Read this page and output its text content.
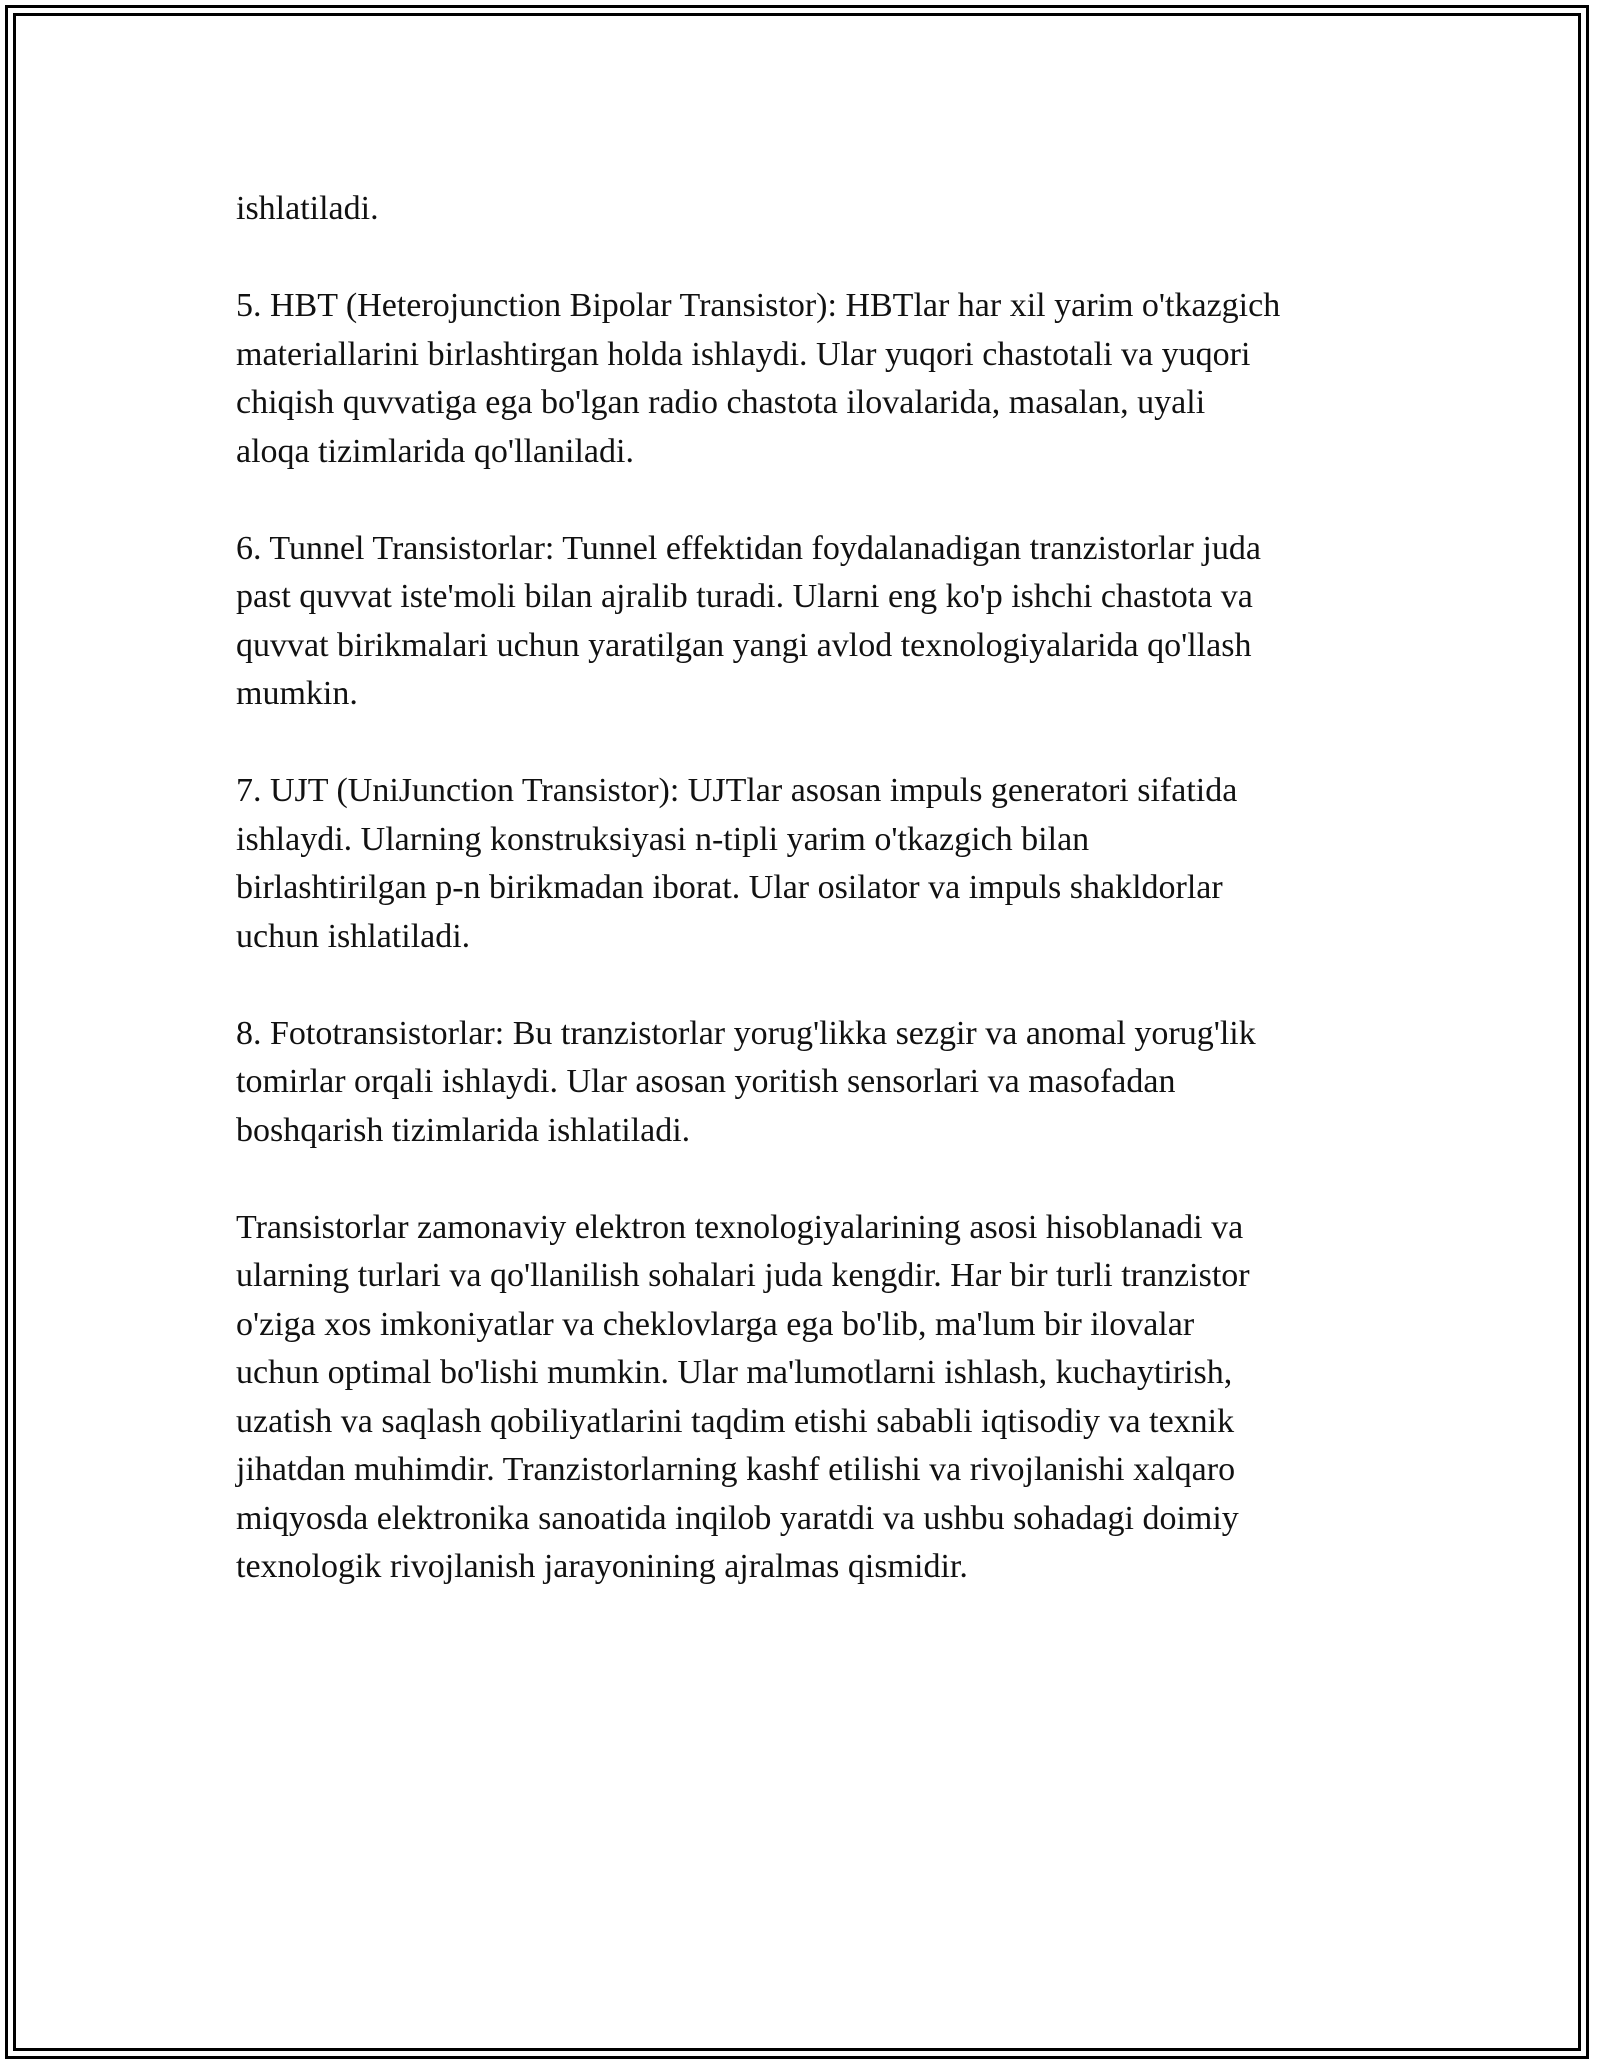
ishlatiladi.

5. HBT (Heterojunction Bipolar Transistor): HBTlar har xil yarim o'tkazgich
materiallarini birlashtirgan holda ishlaydi. Ular yuqori chastotali va yuqori
chiqish quvvatiga ega bo'lgan radio chastota ilovalarida, masalan, uyali
aloqa tizimlarida qo'llaniladi.

6. Tunnel Transistorlar: Tunnel effektidan foydalanadigan tranzistorlar juda
past quvvat iste'moli bilan ajralib turadi. Ularni eng ko'p ishchi chastota va
quvvat birikmalari uchun yaratilgan yangi avlod texnologiyalarida qo'llash
mumkin.

7. UJT (UniJunction Transistor): UJTlar asosan impuls generatori sifatida
ishlaydi. Ularning konstruksiyasi n-tipli yarim o'tkazgich bilan
birlashtirilgan p-n birikmadan iborat. Ular osilator va impuls shakldorlar
uchun ishlatiladi.

8. Fototransistorlar: Bu tranzistorlar yorug'likka sezgir va anomal yorug'lik
tomirlar orqali ishlaydi. Ular asosan yoritish sensorlari va masofadan
boshqarish tizimlarida ishlatiladi.

Transistorlar zamonaviy elektron texnologiyalarining asosi hisoblanadi va
ularning turlari va qo'llanilish sohalari juda kengdir. Har bir turli tranzistor
o'ziga xos imkoniyatlar va cheklovlarga ega bo'lib, ma'lum bir ilovalar
uchun optimal bo'lishi mumkin. Ular ma'lumotlarni ishlash, kuchaytirish,
uzatish va saqlash qobiliyatlarini taqdim etishi sababli iqtisodiy va texnik
jihatdan muhimdir. Tranzistorlarning kashf etilishi va rivojlanishi xalqaro
miqyosda elektronika sanoatida inqilob yaratdi va ushbu sohadagi doimiy
texnologik rivojlanish jarayonining ajralmas qismidir.
